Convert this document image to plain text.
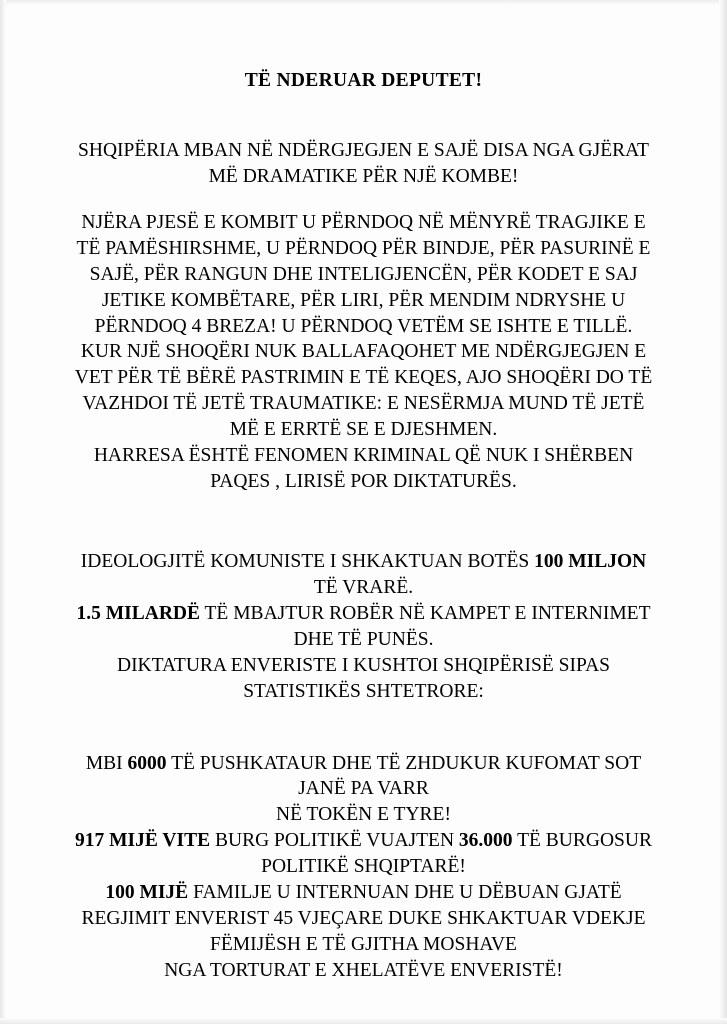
TË NDERUAR DEPUTET!
SHQIPËRIA MBAN NË NDËRGJEGJEN E SAJË DISA NGA GJËRAT
MË DRAMATIKE PËR NJË KOMBE!
NJËRA PJESË E KOMBIT U PËRNDOQ NË MËNYRË TRAGJIKE E
TË PAMËSHIRSHME, U PËRNDOQ PËR BINDJE, PËR PASURINË E
SAJË, PËR RANGUN DHE INTELIGJENCËN, PËR KODET E SAJ
JETIKE KOMBËTARE, PËR LIRI, PËR MENDIM NDRYSHE U
PËRNDOQ 4 BREZA! U PËRNDOQ VETËM SE ISHTE E TILLË.
KUR NJË SHOQËRI NUK BALLAFAQOHET ME NDËRGJEGJEN E
VET PËR TË BËRË PASTRIMIN E TË KEQES, AJO SHOQËRI DO TË
VAZHDOI TË JETË TRAUMATIKE: E NESËRMJA MUND TË JETË
MË E ERRTË SE E DJESHMEN.
HARRESA ËSHTË FENOMEN KRIMINAL QË NUK I SHËRBEN
PAQES , LIRISË POR DIKTATURËS.
IDEOLOGJITË KOMUNISTE I SHKAKTUAN BOTËS 100 MILJON
TË VRARË.
1.5 MILARDË TË MBAJTUR ROBËR NË KAMPET E INTERNIMET
DHE TË PUNËS.
DIKTATURA ENVERISTE I KUSHTOI SHQIPËRISË SIPAS
STATISTIKËS SHTETRORE:
MBI 6000 TË PUSHKATAUR DHE TË ZHDUKUR KUFOMAT SOT
JANË PA VARR
NË TOKËN E TYRE!
917 MIJË VITE BURG POLITIKË VUAJTEN 36.000 TË BURGOSUR
POLITIKË SHQIPTARË!
100 MIJË FAMILJE U INTERNUAN DHE U DËBUAN GJATË
REGJIMIT ENVERIST 45 VJEÇARE DUKE SHKAKTUAR VDEKJE
FËMIJËSH E TË GJITHA MOSHAVE
NGA TORTURAT E XHELATËVE ENVERISTË!
